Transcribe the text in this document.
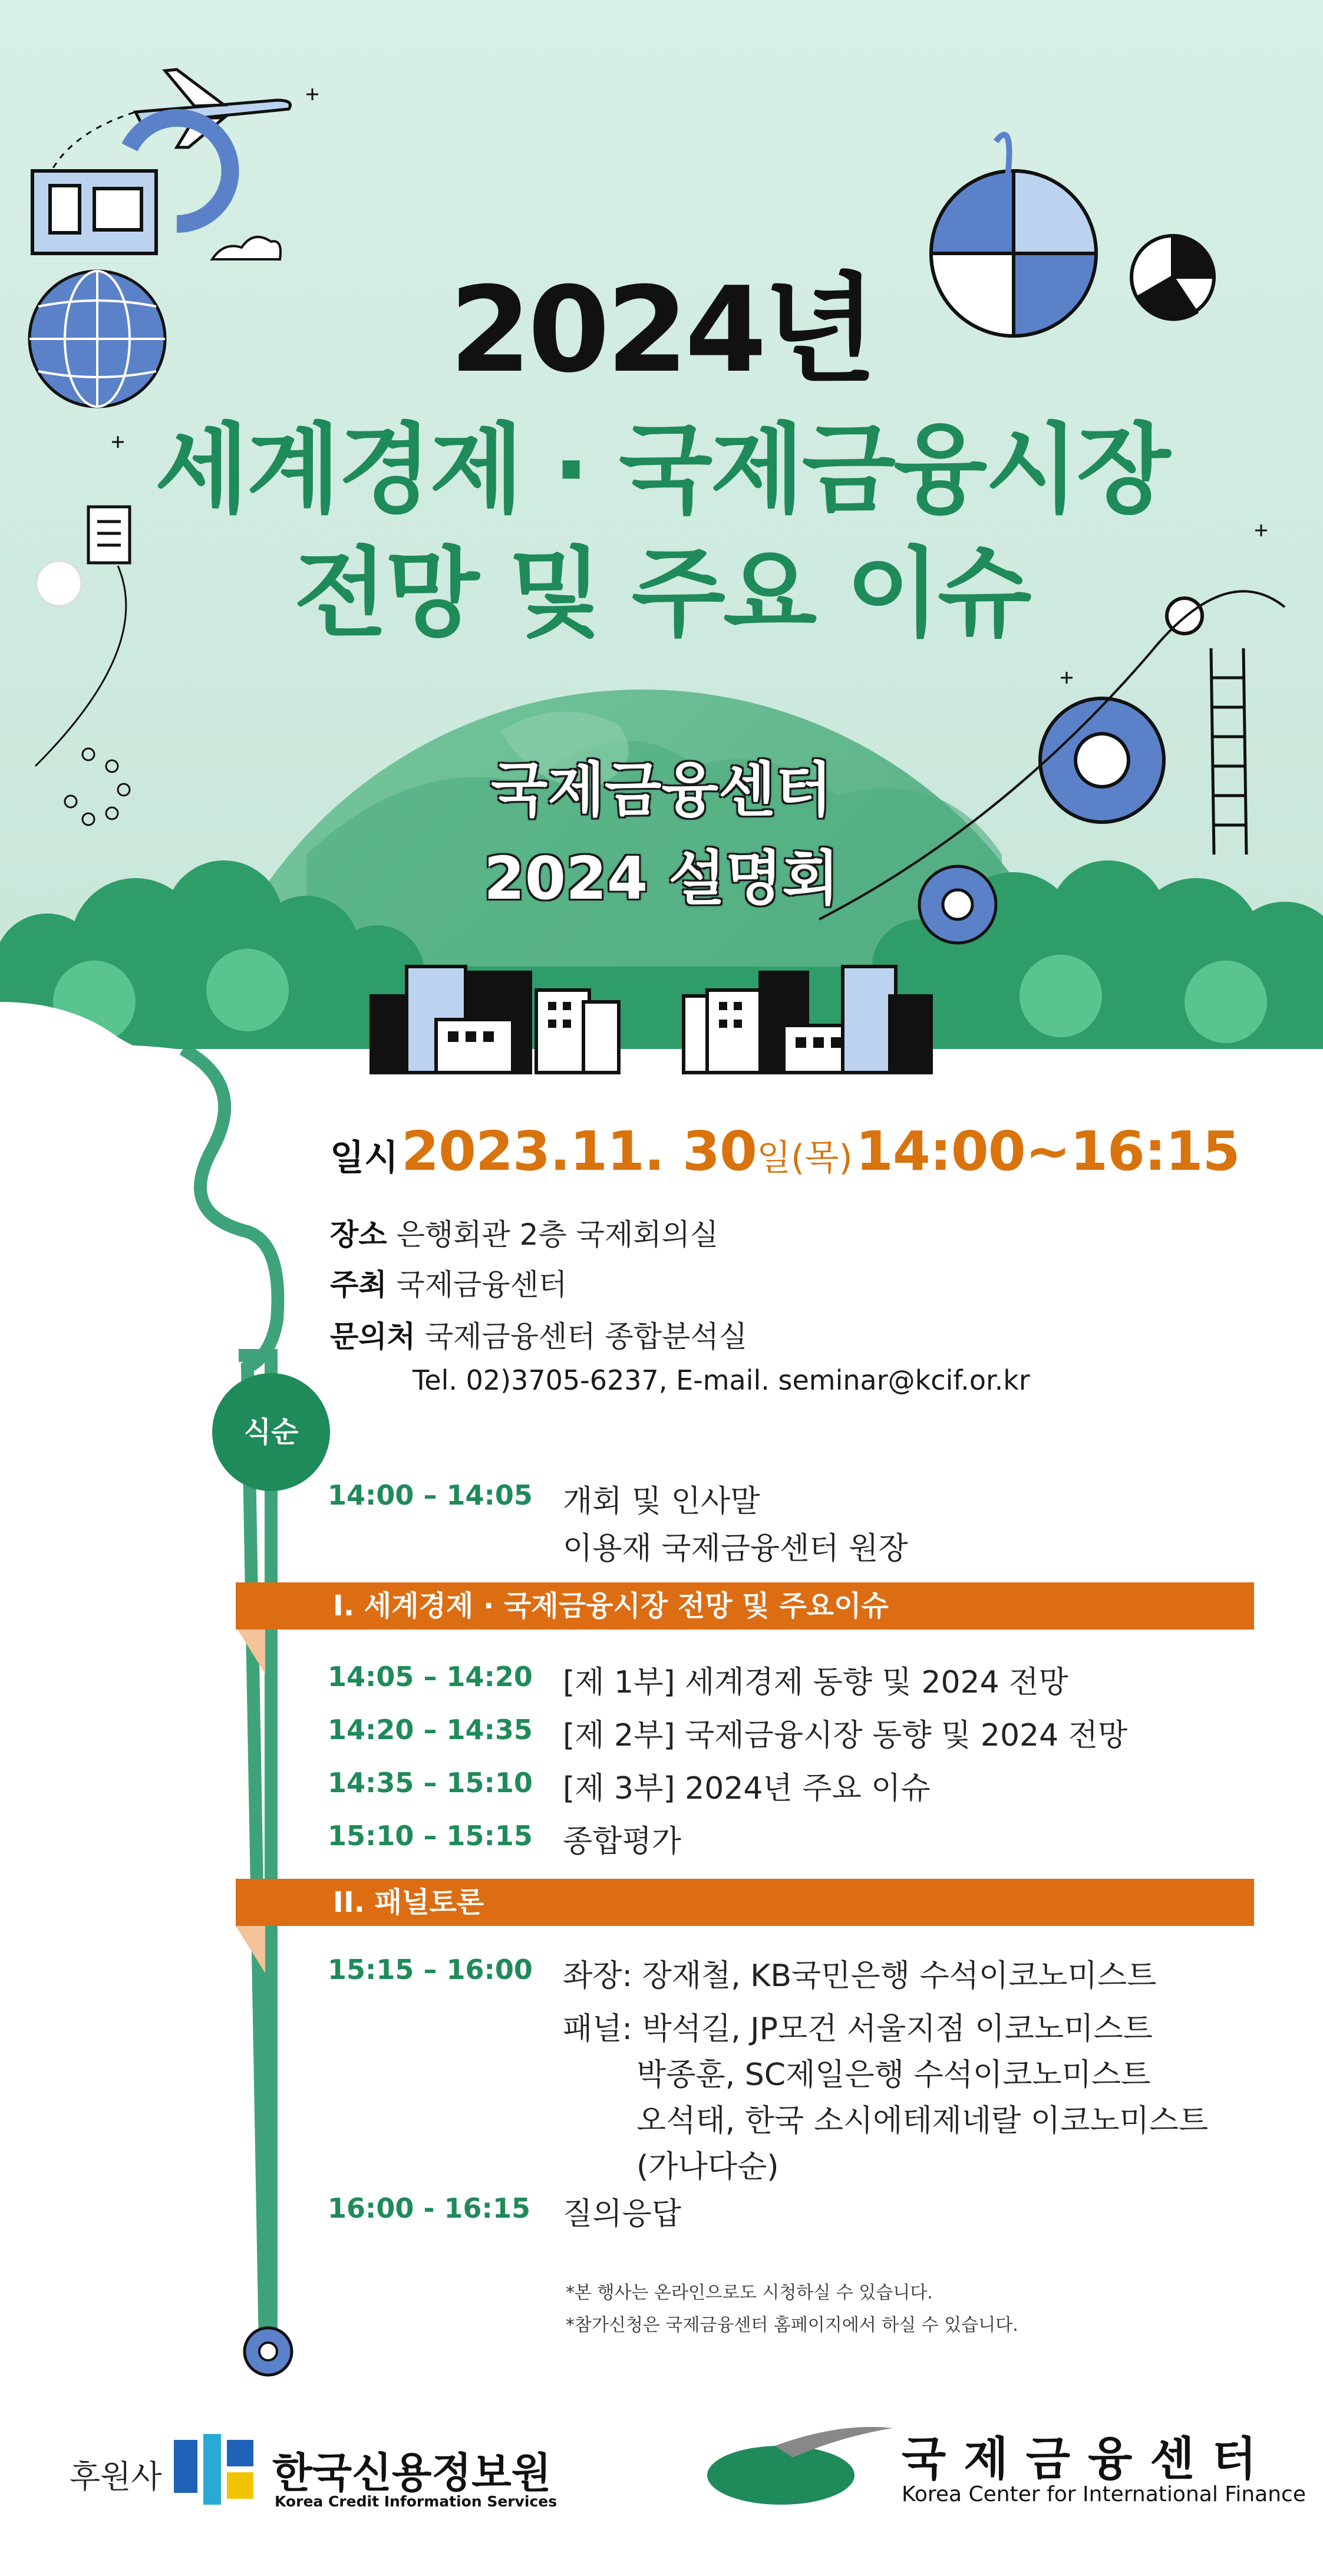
2024년
세계경제 · 국제금융시장
전망 및 주요 이슈
국제금융센터
2024 설명회
일시 2023.11. 30일(목) 14:00~16:15
장소 은행회관 2층 국제회의실
주최 국제금융센터
문의처 국제금융센터 종합분석실
Tel. 02)3705-6237, E-mail. seminar@kcif.or.kr
식순
14:00 – 14:05 개회 및 인사말
이용재 국제금융센터 원장
I. 세계경제 · 국제금융시장 전망 및 주요이슈
14:05 – 14:20 [제 1부] 세계경제 동향 및 2024 전망
14:20 – 14:35 [제 2부] 국제금융시장 동향 및 2024 전망
14:35 – 15:10 [제 3부] 2024년 주요 이슈
15:10 – 15:15 종합평가
II. 패널토론
15:15 – 16:00 좌장: 장재철, KB국민은행 수석이코노미스트
패널: 박석길, JP모건 서울지점 이코노미스트
박종훈, SC제일은행 수석이코노미스트
오석태, 한국 소시에테제네랄 이코노미스트
(가나다순)
16:00 - 16:15 질의응답
*본 행사는 온라인으로도 시청하실 수 있습니다.
*참가신청은 국제금융센터 홈페이지에서 하실 수 있습니다.
후원사	한국신용정보원
Korea Credit Information Services
국제금융센터
Korea Center for International Finance
